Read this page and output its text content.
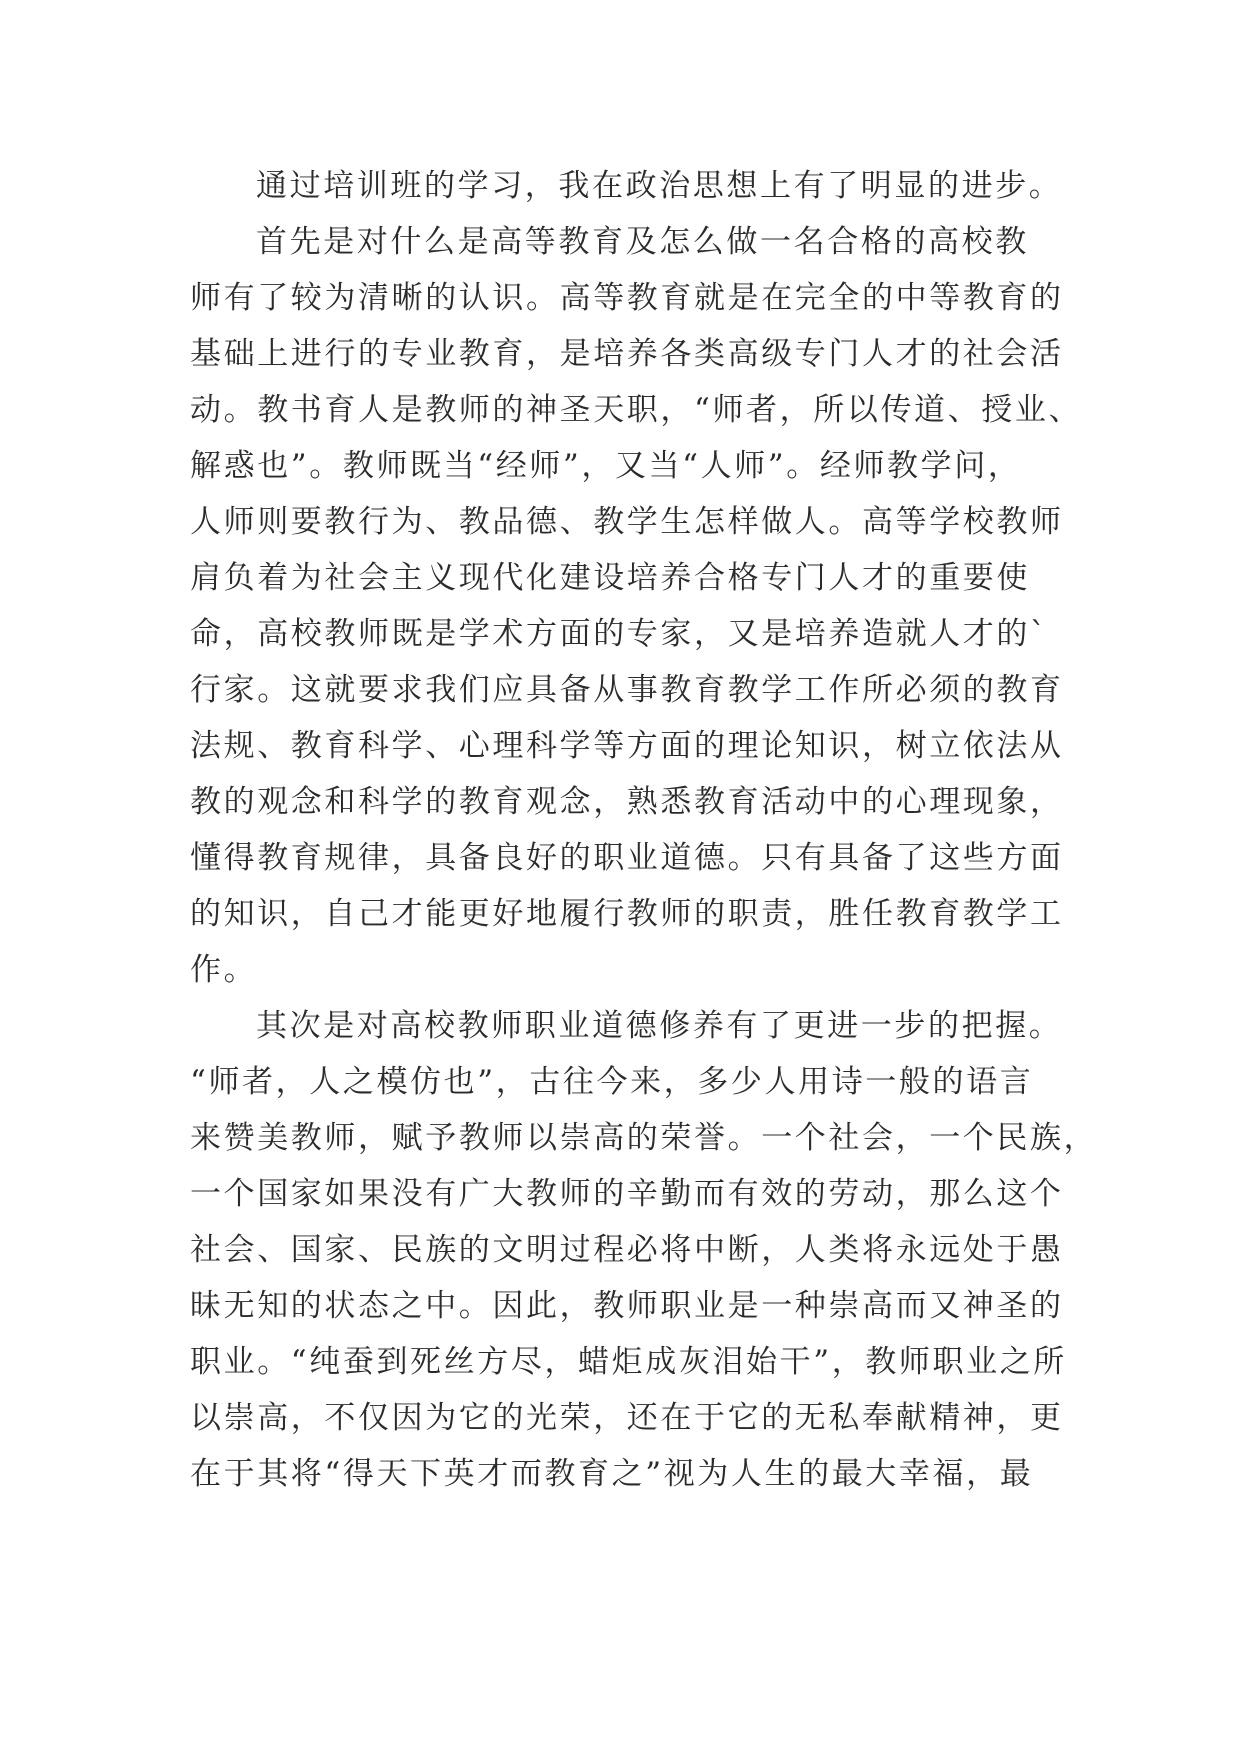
通过培训班的学习，我在政治思想上有了明显的进步。
首先是对什么是高等教育及怎么做一名合格的高校教
师有了较为清晰的认识。高等教育就是在完全的中等教育的
基础上进行的专业教育，是培养各类高级专门人才的社会活
动。教书育人是教师的神圣天职，“师者，所以传道、授业、
解惑也”。教师既当“经师”，又当“人师”。经师教学问，
人师则要教行为、教品德、教学生怎样做人。高等学校教师
肩负着为社会主义现代化建设培养合格专门人才的重要使
命，高校教师既是学术方面的专家，又是培养造就人才的`
行家。这就要求我们应具备从事教育教学工作所必须的教育
法规、教育科学、心理科学等方面的理论知识，树立依法从
教的观念和科学的教育观念，熟悉教育活动中的心理现象，
懂得教育规律，具备良好的职业道德。只有具备了这些方面
的知识，自己才能更好地履行教师的职责，胜任教育教学工
作。
其次是对高校教师职业道德修养有了更进一步的把握。
“师者，人之模仿也”，古往今来，多少人用诗一般的语言
来赞美教师，赋予教师以崇高的荣誉。一个社会，一个民族，
一个国家如果没有广大教师的辛勤而有效的劳动，那么这个
社会、国家、民族的文明过程必将中断，人类将永远处于愚
昧无知的状态之中。因此，教师职业是一种崇高而又神圣的
职业。“纯蚕到死丝方尽，蜡炬成灰泪始干”，教师职业之所
以崇高，不仅因为它的光荣，还在于它的无私奉献精神，更
在于其将“得天下英才而教育之”视为人生的最大幸福，最
